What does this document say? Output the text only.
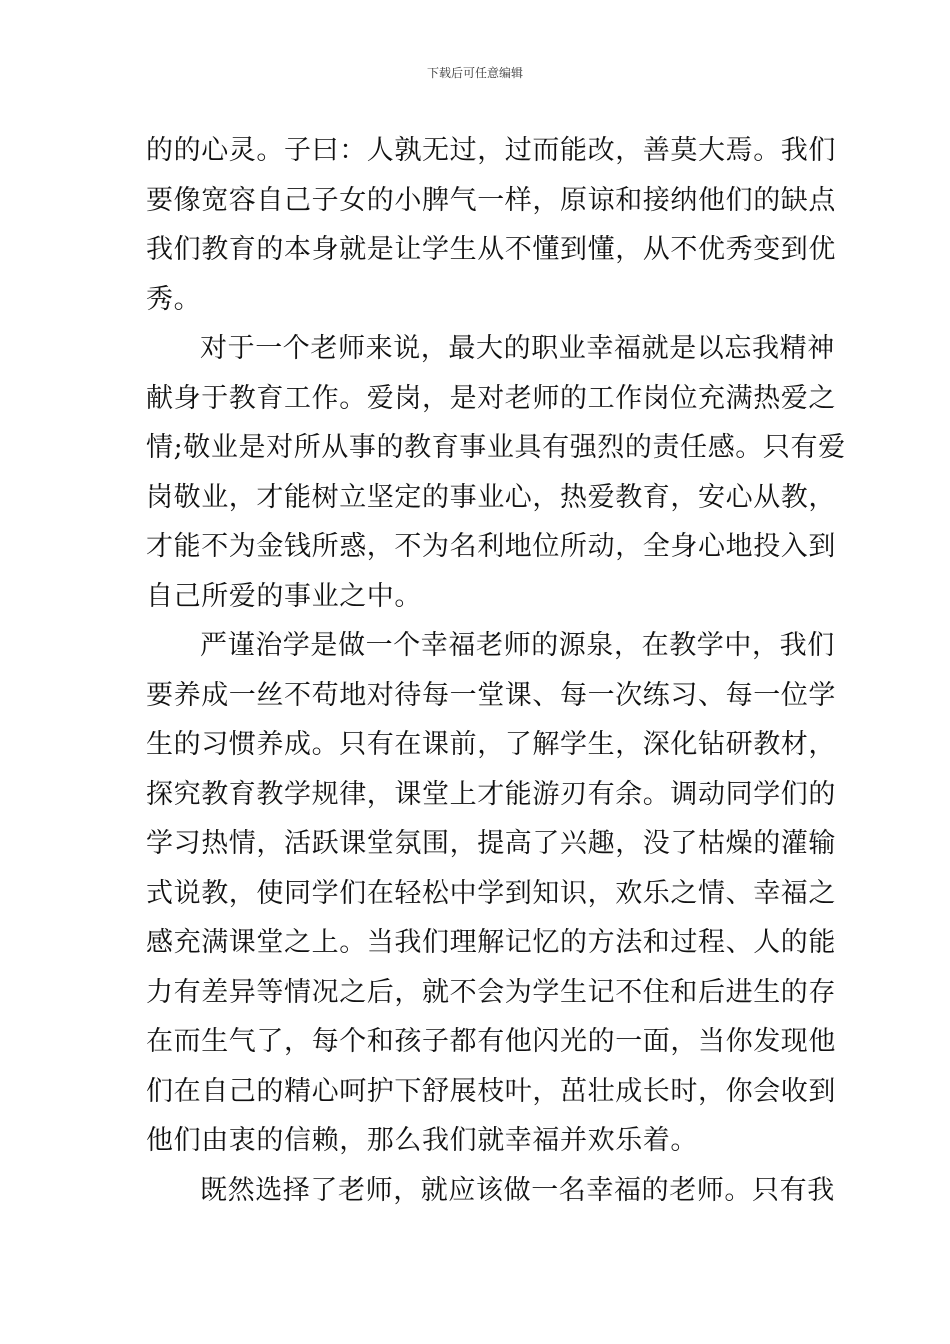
下载后可任意编辑
的的心灵。子曰：人孰无过，过而能改，善莫大焉。我们
要像宽容自己子女的小脾气一样，原谅和接纳他们的缺点
我们教育的本身就是让学生从不懂到懂，从不优秀变到优
秀。
对于一个老师来说，最大的职业幸福就是以忘我精神
献身于教育工作。爱岗，是对老师的工作岗位充满热爱之
情;敬业是对所从事的教育事业具有强烈的责任感。只有爱
岗敬业，才能树立坚定的事业心，热爱教育，安心从教，
才能不为金钱所惑，不为名利地位所动，全身心地投入到
自己所爱的事业之中。
严谨治学是做一个幸福老师的源泉，在教学中，我们
要养成一丝不苟地对待每一堂课、每一次练习、每一位学
生的习惯养成。只有在课前，了解学生，深化钻研教材，
探究教育教学规律，课堂上才能游刃有余。调动同学们的
学习热情，活跃课堂氛围，提高了兴趣，没了枯燥的灌输
式说教，使同学们在轻松中学到知识，欢乐之情、幸福之
感充满课堂之上。当我们理解记忆的方法和过程、人的能
力有差异等情况之后，就不会为学生记不住和后进生的存
在而生气了，每个和孩子都有他闪光的一面，当你发现他
们在自己的精心呵护下舒展枝叶，茁壮成长时，你会收到
他们由衷的信赖，那么我们就幸福并欢乐着。
既然选择了老师，就应该做一名幸福的老师。只有我
